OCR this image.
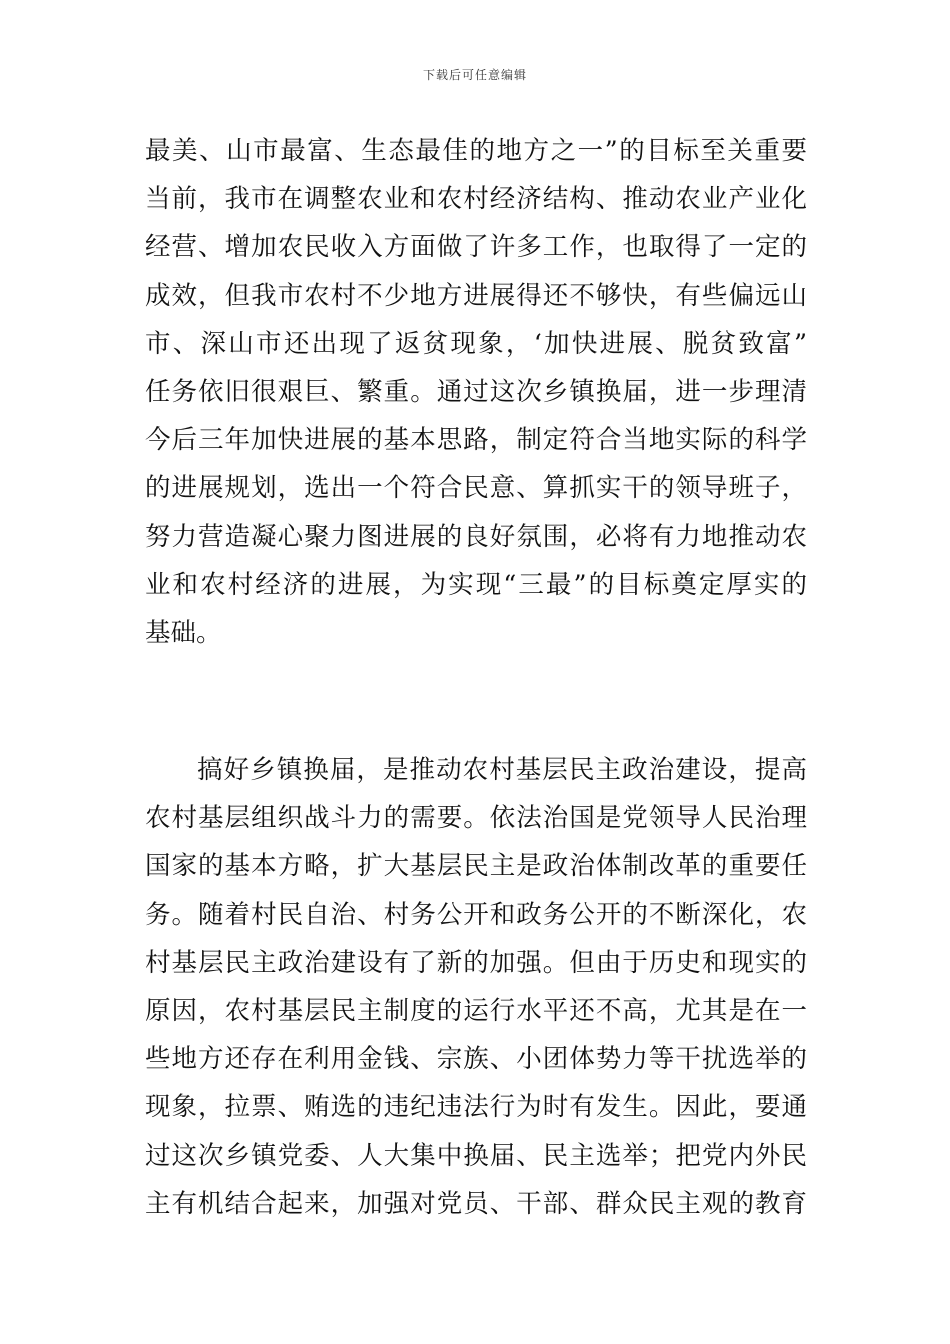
下载后可任意编辑
最美、山市最富、生态最佳的地方之一”的目标至关重要
当前，我市在调整农业和农村经济结构、推动农业产业化
经营、增加农民收入方面做了许多工作，也取得了一定的
成效，但我市农村不少地方进展得还不够快，有些偏远山
市、深山市还出现了返贫现象，‘加快进展、脱贫致富”
任务依旧很艰巨、繁重。通过这次乡镇换届，进一步理清
今后三年加快进展的基本思路，制定符合当地实际的科学
的进展规划，选出一个符合民意、算抓实干的领导班子，
努力营造凝心聚力图进展的良好氛围，必将有力地推动农
业和农村经济的进展，为实现“三最”的目标奠定厚实的
基础。
搞好乡镇换届，是推动农村基层民主政治建设，提高
农村基层组织战斗力的需要。依法治国是党领导人民治理
国家的基本方略，扩大基层民主是政治体制改革的重要任
务。随着村民自治、村务公开和政务公开的不断深化，农
村基层民主政治建设有了新的加强。但由于历史和现实的
原因，农村基层民主制度的运行水平还不高，尤其是在一
些地方还存在利用金钱、宗族、小团体势力等干扰选举的
现象，拉票、贿选的违纪违法行为时有发生。因此，要通
过这次乡镇党委、人大集中换届、民主选举；把党内外民
主有机结合起来，加强对党员、干部、群众民主观的教育
